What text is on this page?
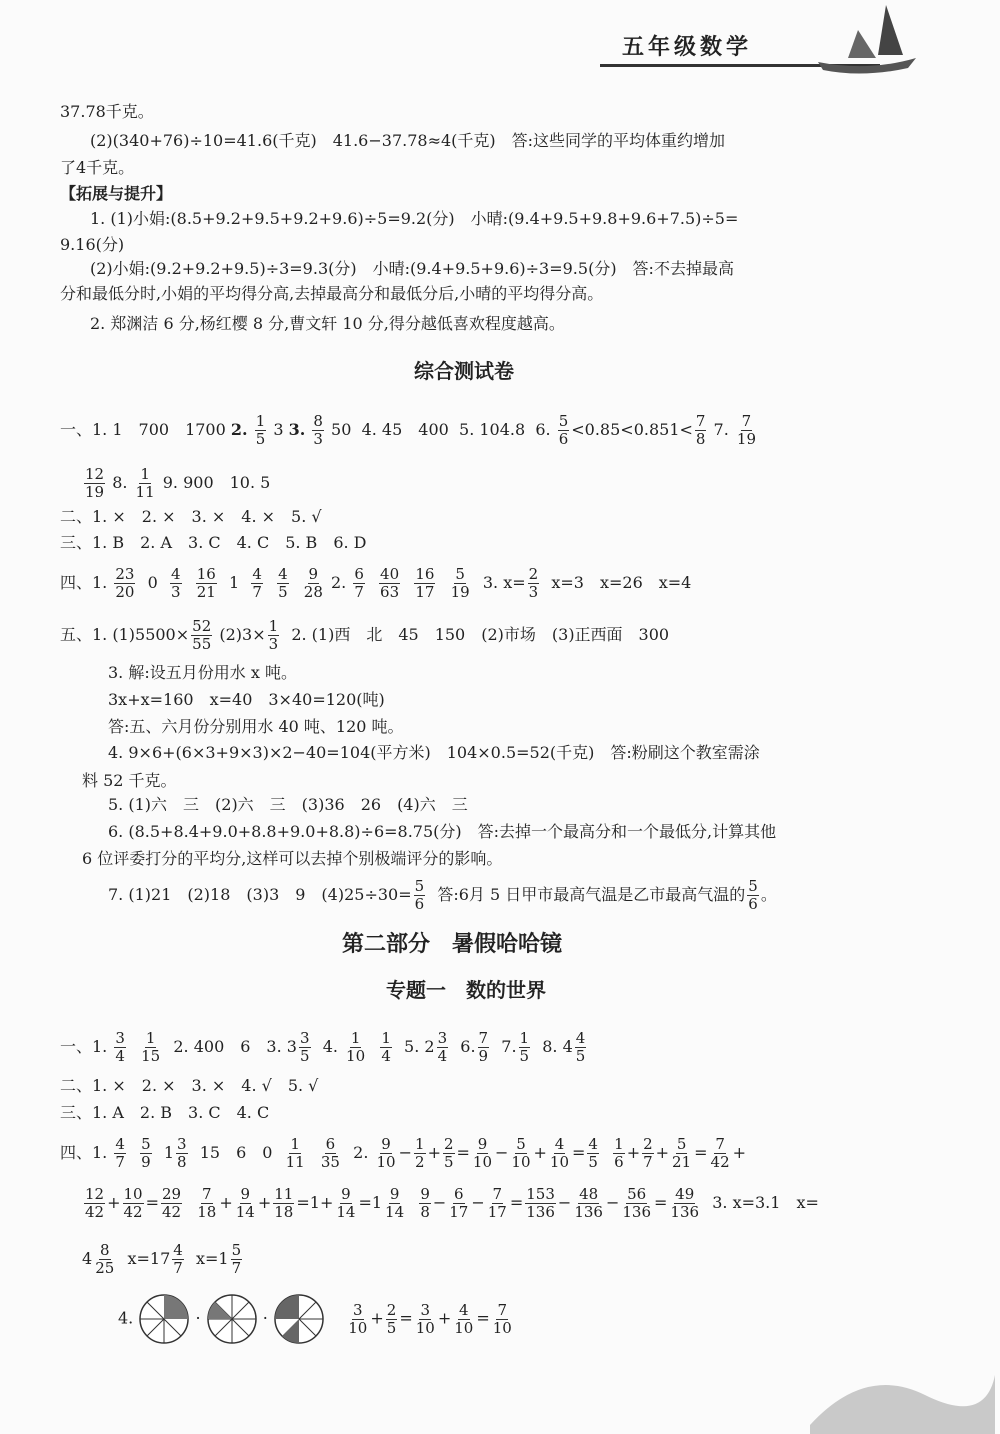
五年级数学
37.78千克。
(2)(340+76)÷10=41.6(千克)　41.6−37.78≈4(千克)　答:这些同学的平均体重约增加
了4千克。
【拓展与提升】
1. (1)小娟:(8.5+9.2+9.5+9.2+9.6)÷5=9.2(分)　小晴:(9.4+9.5+9.8+9.6+7.5)÷5=
9.16(分)
(2)小娟:(9.2+9.2+9.5)÷3=9.3(分)　小晴:(9.4+9.5+9.6)÷3=9.5(分)　答:不去掉最高
分和最低分时,小娟的平均得分高,去掉最高分和最低分后,小晴的平均得分高。
2. 郑渊洁 6 分,杨红樱 8 分,曹文轩 10 分,得分越低喜欢程度越高。
综合测试卷
一、1. 1　700　1700 2. $\frac{1}{5} 3$ 3. $\frac{8}{3} 50$ 4. 45　400 5. 104.8 6. $\frac{5}{6} <0.85<0.851< \frac{7}{8} 7$. $\frac{7}{19}$
$\frac{12}{19} 8$. $\frac{1}{11} 9$. 900　10. 5
二、1. ×　2. ×　3. ×　4. ×　5. √
三、1. B　2. A　3. C　4. C　5. B　6. D
四、1. $\frac{23}{20} 0 \frac{4}{3}$
$\frac{16}{21} 1 \frac{4}{7}$
$\frac{4}{5}$
$\frac{9}{28} 2$. $\frac{6}{7}$
$\frac{40}{63}$
$\frac{16}{17}$
$\frac{5}{19} 3$. $x= \frac{2}{3} x=3$　x=26　x=4
五、1. $(1)5500\times \frac{52}{55} (2)3\times \frac{1}{3} 2$. (1)西　北　45　150　(2)市场　(3)正西面　300
3. 解:设五月份用水 x 吨。
3x+x=160　x=40　3×40=120(吨)
答:五、六月份分别用水 40 吨、120 吨。
4. 9×6+(6×3+9×3)×2−40=104(平方米)　104×0.5=52(千克)　答:粉刷这个教室需涂
料 52 千克。
5. (1)六　三　(2)六　三　(3)36　26　(4)六　三
6. (8.5+8.4+9.0+8.8+9.0+8.8)÷6=8.75(分)　答:去掉一个最高分和一个最低分,计算其他
6 位评委打分的平均分,这样可以去掉个别极端评分的影响。
7. (1)21　(2)18　(3)3　9　$(4)25\div 30= \frac{5}{6}$ 答:6月 5 日甲市最高气温是乙市最高气温的 $\frac{5}{6}$ 。
第二部分　暑假哈哈镜
专题一　数的世界
一、1. $\frac{3}{4}$
$\frac{1}{15} 2$. 400　6　3. $3 \frac{3}{5} 4$. $\frac{1}{10}$
$\frac{1}{4} 5$. $2 \frac{3}{4} 6$. $\frac{7}{9} 7$. $\frac{1}{5} 8$. $4 \frac{4}{5}$
二、1. ×　2. ×　3. ×　4. √　5. √
三、1. A　2. B　3. C　4. C
四、1. $\frac{4}{7}$
$\frac{5}{9} 1 \frac{3}{8} 15$　6　$0 \frac{1}{11}$
$\frac{6}{35} 2$. $\frac{9}{10} - \frac{1}{2} + \frac{2}{5} = \frac{9}{10} - \frac{5}{10} + \frac{4}{10} = \frac{4}{5}$
$\frac{1}{6} + \frac{2}{7} + \frac{5}{21} = \frac{7}{42}$ +
$\frac{12}{42} + \frac{10}{42} = \frac{29}{42}$
$\frac{7}{18} + \frac{9}{14} + \frac{11}{18} =1+ \frac{9}{14} =1 \frac{9}{14}$
$\frac{9}{8} - \frac{6}{17} - \frac{7}{17} = \frac{153}{136} - \frac{48}{136} - \frac{56}{136} = \frac{49}{136} 3$. x=3.1　x=
$4 \frac{8}{25} x=17 \frac{4}{7} x=1 \frac{5}{7}$
4.	·	·	$\frac{3}{10} + \frac{2}{5} = \frac{3}{10} + \frac{4}{10} = \frac{7}{10}$
